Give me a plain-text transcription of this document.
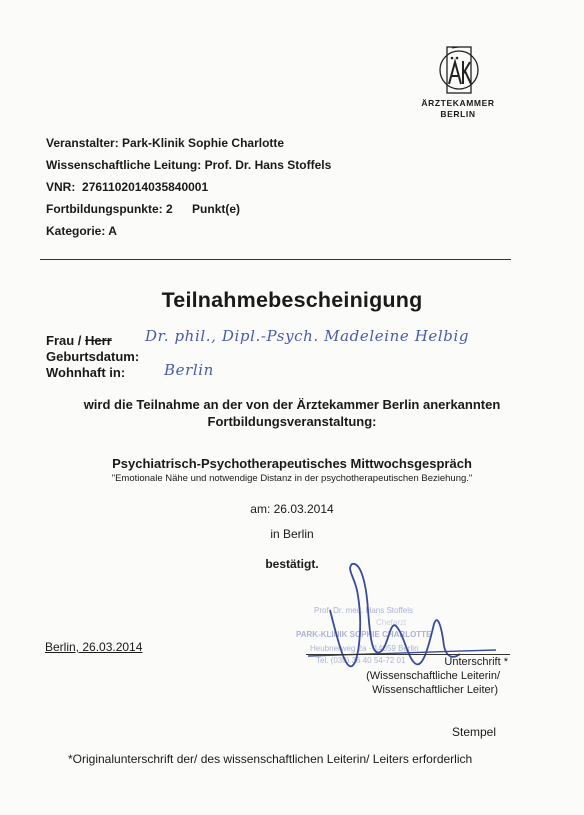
ÄRZTEKAMMER
BERLIN
Veranstalter: Park-Klinik Sophie Charlotte
Wissenschaftliche Leitung: Prof. Dr. Hans Stoffels
VNR: 2761102014035840001
Fortbildungspunkte: 2 Punkt(e)
Kategorie: A
Teilnahmebescheinigung
Frau / Herr Dr. phil., Dipl.-Psych. Madeleine Helbig
Geburtsdatum:
Wohnhaft in:	Berlin
wird die Teilnahme an der von der Ärztekammer Berlin anerkannten
Fortbildungsveranstaltung:
Psychiatrisch-Psychotherapeutisches Mittwochsgespräch
"Emotionale Nähe und notwendige Distanz in der psychotherapeutischen Beziehung."
am: 26.03.2014
in Berlin
bestätigt.
Prof. Dr. med. Hans Stoffels
Chefarzt
PARK-KLINIK SOPHIE CHARLOTTE
Heubnerweg 2a · 14059 Berlin
Tel. (030) 36 40 54-72 01
Berlin, 26.03.2014
Unterschrift *
(Wissenschaftliche Leiterin/
Wissenschaftlicher Leiter)
Stempel
*Originalunterschrift der/ des wissenschaftlichen Leiterin/ Leiters erforderlich
